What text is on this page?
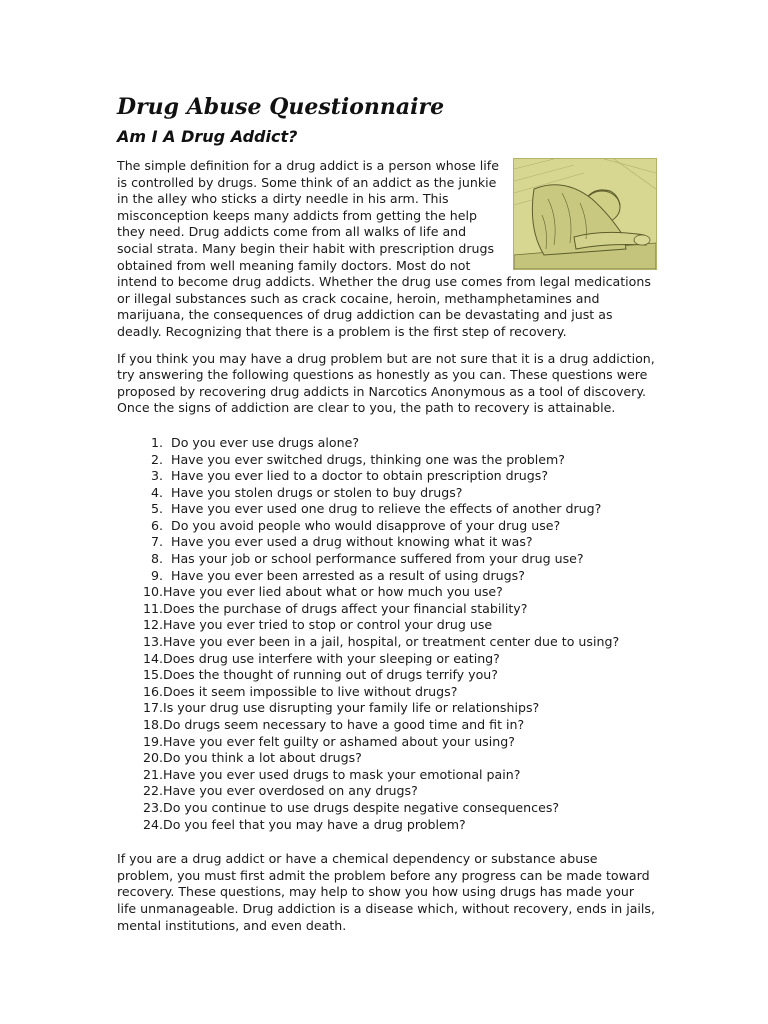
Drug Abuse Questionnaire
Am I A Drug Addict?

The simple definition for a drug addict is a person whose life is controlled by drugs. Some think of an addict as the junkie in the alley who sticks a dirty needle in his arm. This misconception keeps many addicts from getting the help they need. Drug addicts come from all walks of life and social strata. Many begin their habit with prescription drugs obtained from well meaning family doctors. Most do not intend to become drug addicts. Whether the drug use comes from legal medications or illegal substances such as crack cocaine, heroin, methamphetamines and marijuana, the consequences of drug addiction can be devastating and just as deadly. Recognizing that there is a problem is the first step of recovery.

If you think you may have a drug problem but are not sure that it is a drug addiction, try answering the following questions as honestly as you can. These questions were proposed by recovering drug addicts in Narcotics Anonymous as a tool of discovery. Once the signs of addiction are clear to you, the path to recovery is attainable.

1. Do you ever use drugs alone?
2. Have you ever switched drugs, thinking one was the problem?
3. Have you ever lied to a doctor to obtain prescription drugs?
4. Have you stolen drugs or stolen to buy drugs?
5. Have you ever used one drug to relieve the effects of another drug?
6. Do you avoid people who would disapprove of your drug use?
7. Have you ever used a drug without knowing what it was?
8. Has your job or school performance suffered from your drug use?
9. Have you ever been arrested as a result of using drugs?
10. Have you ever lied about what or how much you use?
11. Does the purchase of drugs affect your financial stability?
12. Have you ever tried to stop or control your drug use
13. Have you ever been in a jail, hospital, or treatment center due to using?
14. Does drug use interfere with your sleeping or eating?
15. Does the thought of running out of drugs terrify you?
16. Does it seem impossible to live without drugs?
17. Is your drug use disrupting your family life or relationships?
18. Do drugs seem necessary to have a good time and fit in?
19. Have you ever felt guilty or ashamed about your using?
20. Do you think a lot about drugs?
21. Have you ever used drugs to mask your emotional pain?
22. Have you ever overdosed on any drugs?
23. Do you continue to use drugs despite negative consequences?
24. Do you feel that you may have a drug problem?

If you are a drug addict or have a chemical dependency or substance abuse problem, you must first admit the problem before any progress can be made toward recovery. These questions, may help to show you how using drugs has made your life unmanageable. Drug addiction is a disease which, without recovery, ends in jails, mental institutions, and even death.
